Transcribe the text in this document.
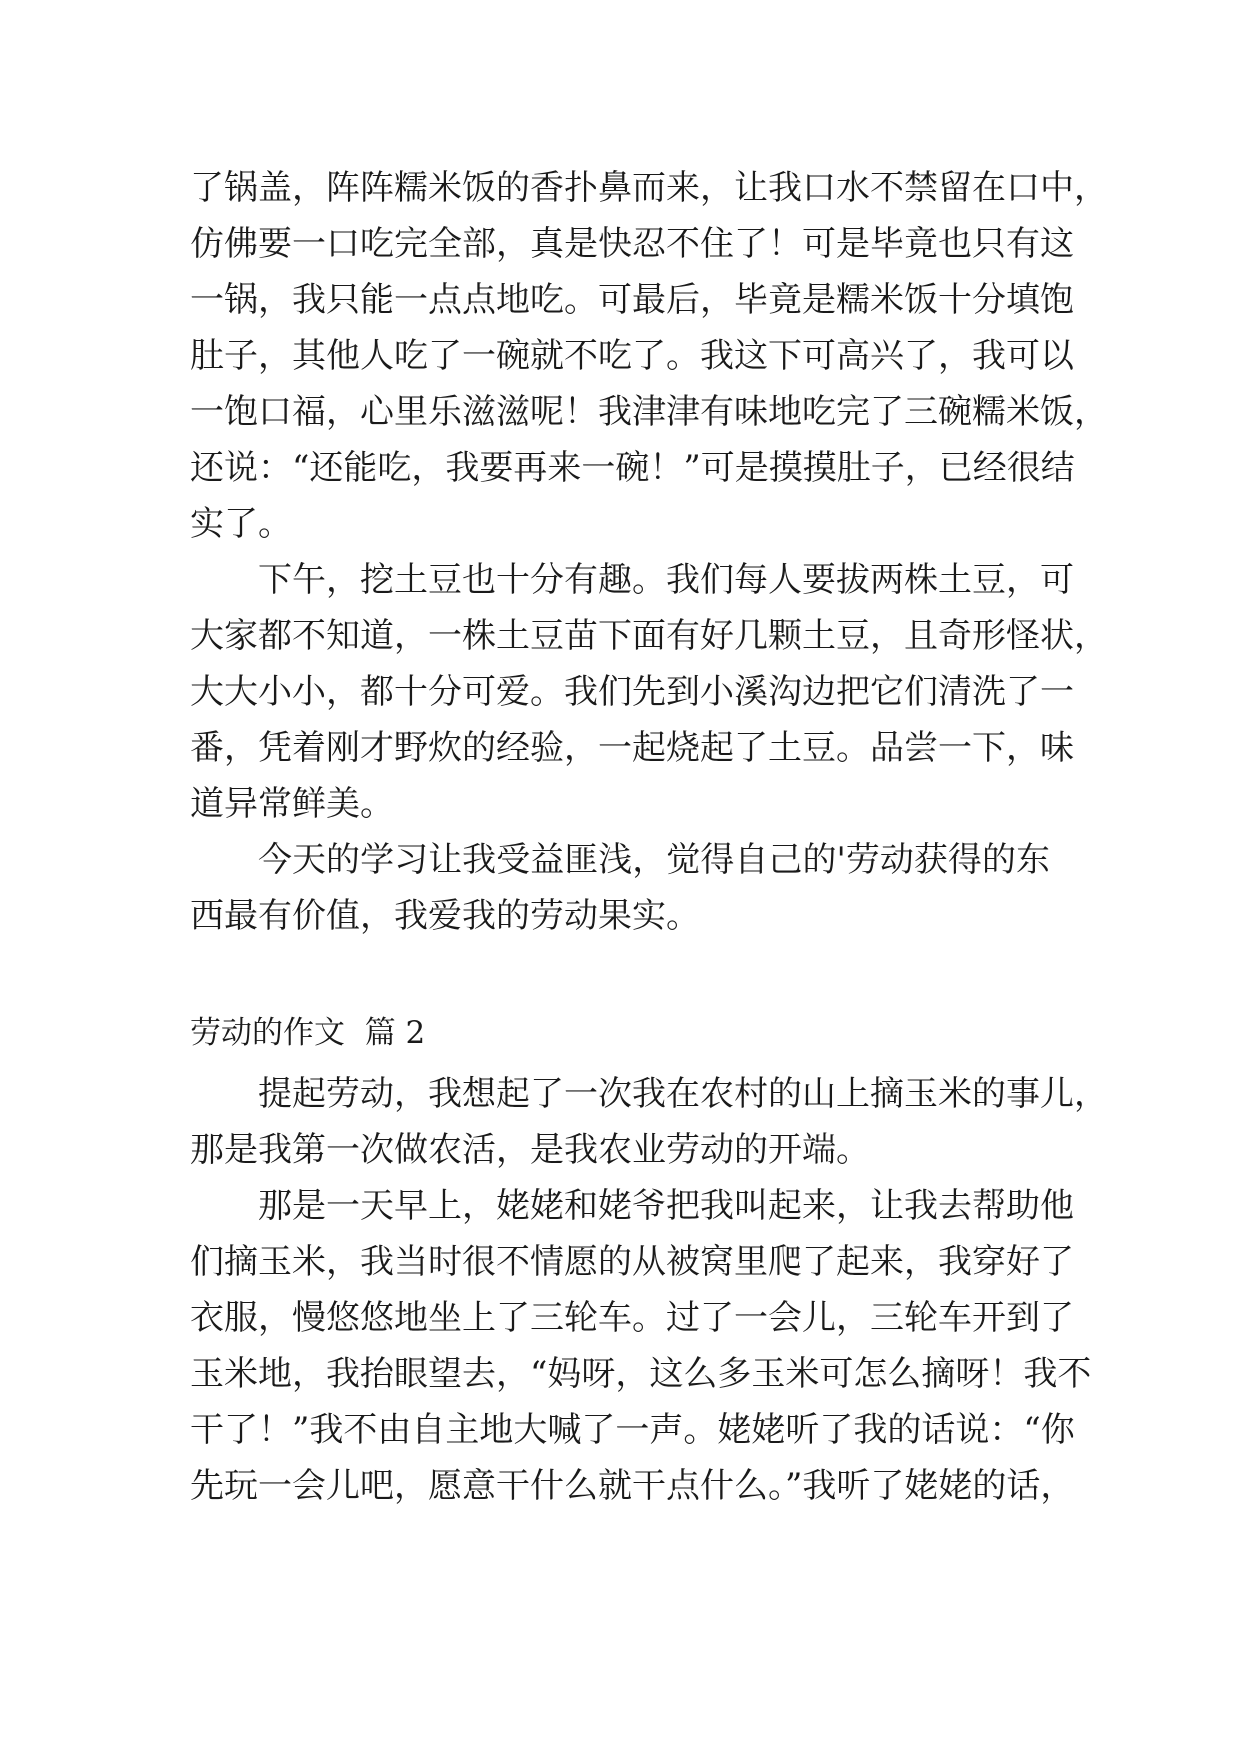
了锅盖，阵阵糯米饭的香扑鼻而来，让我口水不禁留在口中，
仿佛要一口吃完全部，真是快忍不住了！可是毕竟也只有这
一锅，我只能一点点地吃。可最后，毕竟是糯米饭十分填饱
肚子，其他人吃了一碗就不吃了。我这下可高兴了，我可以
一饱口福，心里乐滋滋呢！我津津有味地吃完了三碗糯米饭，
还说：“还能吃，我要再来一碗！”可是摸摸肚子，已经很结
实了。
下午，挖土豆也十分有趣。我们每人要拔两株土豆，可
大家都不知道，一株土豆苗下面有好几颗土豆，且奇形怪状，
大大小小，都十分可爱。我们先到小溪沟边把它们清洗了一
番，凭着刚才野炊的经验，一起烧起了土豆。品尝一下，味
道异常鲜美。
今天的学习让我受益匪浅，觉得自己的'劳动获得的东
西最有价值，我爱我的劳动果实。
劳动的作文  篇 2
提起劳动，我想起了一次我在农村的山上摘玉米的事儿，
那是我第一次做农活，是我农业劳动的开端。
那是一天早上，姥姥和姥爷把我叫起来，让我去帮助他
们摘玉米，我当时很不情愿的从被窝里爬了起来，我穿好了
衣服，慢悠悠地坐上了三轮车。过了一会儿，三轮车开到了
玉米地，我抬眼望去，“妈呀，这么多玉米可怎么摘呀！我不
干了！”我不由自主地大喊了一声。姥姥听了我的话说：“你
先玩一会儿吧，愿意干什么就干点什么。”我听了姥姥的话，
